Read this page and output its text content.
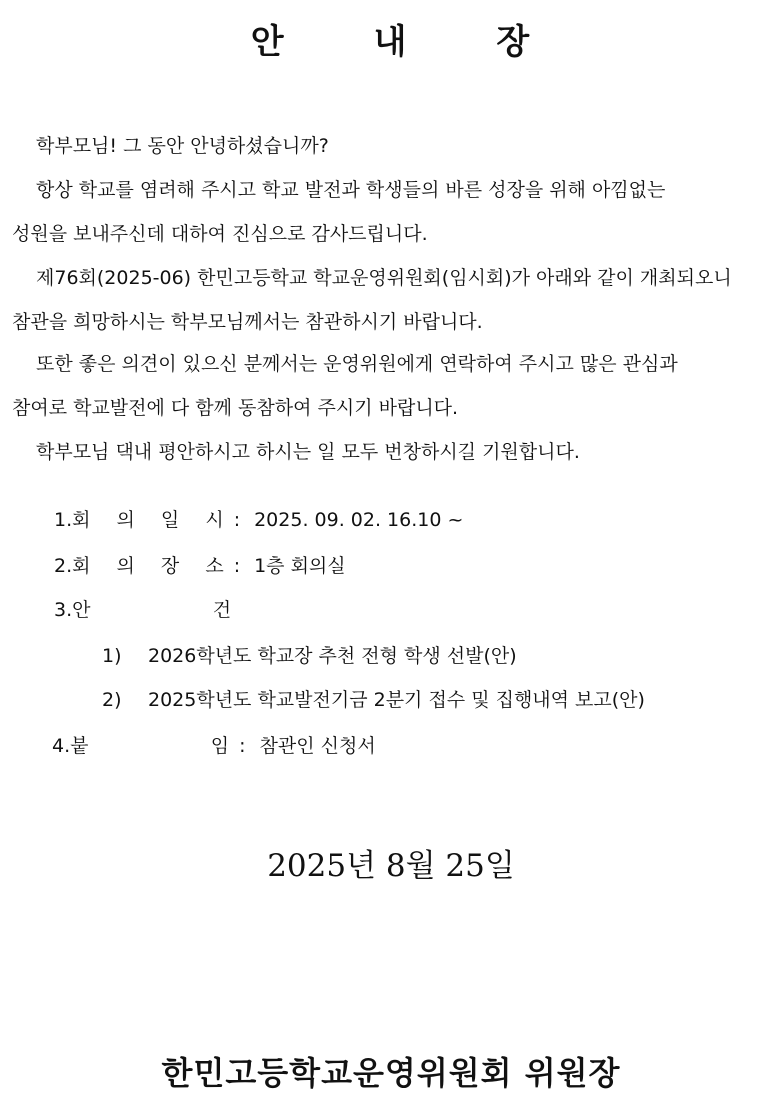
안	내	장
학부모님! 그 동안 안녕하셨습니까?
항상 학교를 염려해 주시고 학교 발전과 학생들의 바른 성장을 위해 아낌없는
성원을 보내주신데 대하여 진심으로 감사드립니다.
제76회(2025-06) 한민고등학교 학교운영위원회(임시회)가 아래와 같이 개최되오니
참관을 희망하시는 학부모님께서는 참관하시기 바랍니다.
또한 좋은 의견이 있으신 분께서는 운영위원에게 연락하여 주시고 많은 관심과
참여로 학교발전에 다 함께 동참하여 주시기 바랍니다.
학부모님 댁내 평안하시고 하시는 일 모두 번창하시길 기원합니다.
1.회 의 일 시: 2025. 09. 02. 16.10 ~
2.회 의 장 소: 1층 회의실
3.안       건
1) 2026학년도 학교장 추천 전형 학생 선발(안)
2) 2025학년도 학교발전기금 2분기 접수 및 집행내역 보고(안)
4.붙       임: 참관인 신청서
2025년 8월 25일
한민고등학교운영위원회 위원장
